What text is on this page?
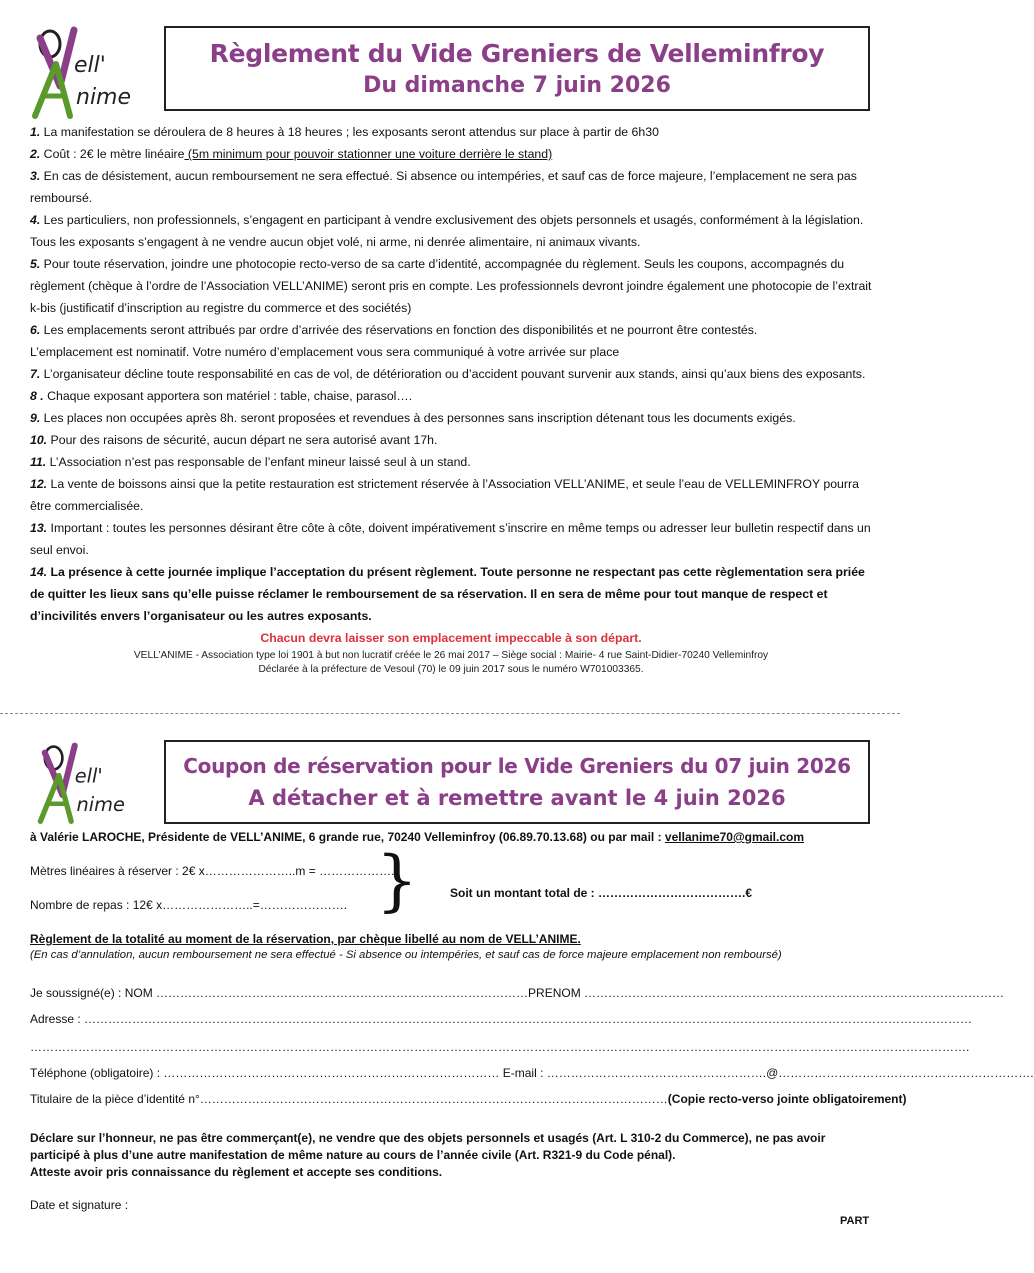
ell'
nime
Règlement du Vide Greniers de Velleminfroy
Du dimanche 7 juin 2026

1. La manifestation se déroulera de 8 heures à 18 heures ; les exposants seront attendus sur place à partir de 6h30

2. Coût : 2€ le mètre linéaire (5m minimum pour pouvoir stationner une voiture derrière le stand)

3. En cas de désistement, aucun remboursement ne sera effectué. Si absence ou intempéries, et sauf cas de force majeure, l’emplacement ne sera pas remboursé.

4. Les particuliers, non professionnels, s’engagent en participant à vendre exclusivement des objets personnels et usagés, conformément à la législation. Tous les exposants s’engagent à ne vendre aucun objet volé, ni arme, ni denrée alimentaire, ni animaux vivants.

5. Pour toute réservation, joindre une photocopie recto-verso de sa carte d’identité, accompagnée du règlement. Seuls les coupons, accompagnés du règlement (chèque à l’ordre de l’Association VELL’ANIME) seront pris en compte. Les professionnels devront joindre également une photocopie de l’extrait k-bis (justificatif d’inscription au registre du commerce et des sociétés)

6. Les emplacements seront attribués par ordre d’arrivée des réservations en fonction des disponibilités et ne pourront être contestés.
L’emplacement est nominatif. Votre numéro d’emplacement vous sera communiqué à votre arrivée sur place

7. L’organisateur décline toute responsabilité en cas de vol, de détérioration ou d’accident pouvant survenir aux stands, ainsi qu’aux biens des exposants.

8 . Chaque exposant apportera son matériel : table, chaise, parasol….

9. Les places non occupées après 8h. seront proposées et revendues à des personnes sans inscription détenant tous les documents exigés.

10. Pour des raisons de sécurité, aucun départ ne sera autorisé avant 17h.

11. L’Association n’est pas responsable de l’enfant mineur laissé seul à un stand.

12. La vente de boissons ainsi que la petite restauration est strictement réservée à l’Association VELL’ANIME, et seule l’eau de VELLEMINFROY pourra être commercialisée.

13. Important : toutes les personnes désirant être côte à côte, doivent impérativement s’inscrire en même temps ou adresser leur bulletin respectif dans un seul envoi.

14. La présence à cette journée implique l’acceptation du présent règlement. Toute personne ne respectant pas cette règlementation sera priée de quitter les lieux sans qu’elle puisse réclamer le remboursement de sa réservation. Il en sera de même pour tout manque de respect et d’incivilités envers l’organisateur ou les autres exposants.

Chacun devra laisser son emplacement impeccable à son départ.
VELL’ANIME - Association type loi 1901 à but non lucratif créée le 26 mai 2017 – Siège social : Mairie- 4 rue Saint-Didier-70240 Velleminfroy
Déclarée à la préfecture de Vesoul (70) le 09 juin 2017 sous le numéro W701003365.
ell'
nime
Coupon de réservation pour le Vide Greniers du 07 juin 2026
A détacher et à remettre avant le 4 juin 2026
à Valérie LAROCHE, Présidente de VELL’ANIME, 6 grande rue, 70240 Velleminfroy (06.89.70.13.68) ou par mail : vellanime70@gmail.com
Mètres linéaires à réserver : 2€ x…………………..m = ………………..
Nombre de repas : 12€ x…………………..=………………….
Soit un montant total de : ……………………………….€
Règlement de la totalité au moment de la réservation, par chèque libellé au nom de VELL’ANIME.
(En cas d’annulation, aucun remboursement ne sera effectué - Si absence ou intempéries, et sauf cas de force majeure emplacement non remboursé)
Je soussigné(e) : NOM …………………………………………………………………………………PRENOM ……………………………………………………………………………………………
Adresse : ……………………………………………………………………………………………………………………………………………………………………………………………………
……………………………………………………………………………………………………………………………………………………………………………………………………………….
Téléphone (obligatoire) : ………………………………………………………………………… E-mail : ……………………………………………….@……………………………………………………….
Titulaire de la pièce d’identité n°………………………………………………………………………………………………………(Copie recto-verso jointe obligatoirement)
Déclare sur l’honneur, ne pas être commerçant(e), ne vendre que des objets personnels et usagés (Art. L 310-2 du Commerce), ne pas avoir
participé à plus d’une autre manifestation de même nature au cours de l’année civile (Art. R321-9 du Code pénal).
Atteste avoir pris connaissance du règlement et accepte ses conditions.
Date et signature :
PART
}
